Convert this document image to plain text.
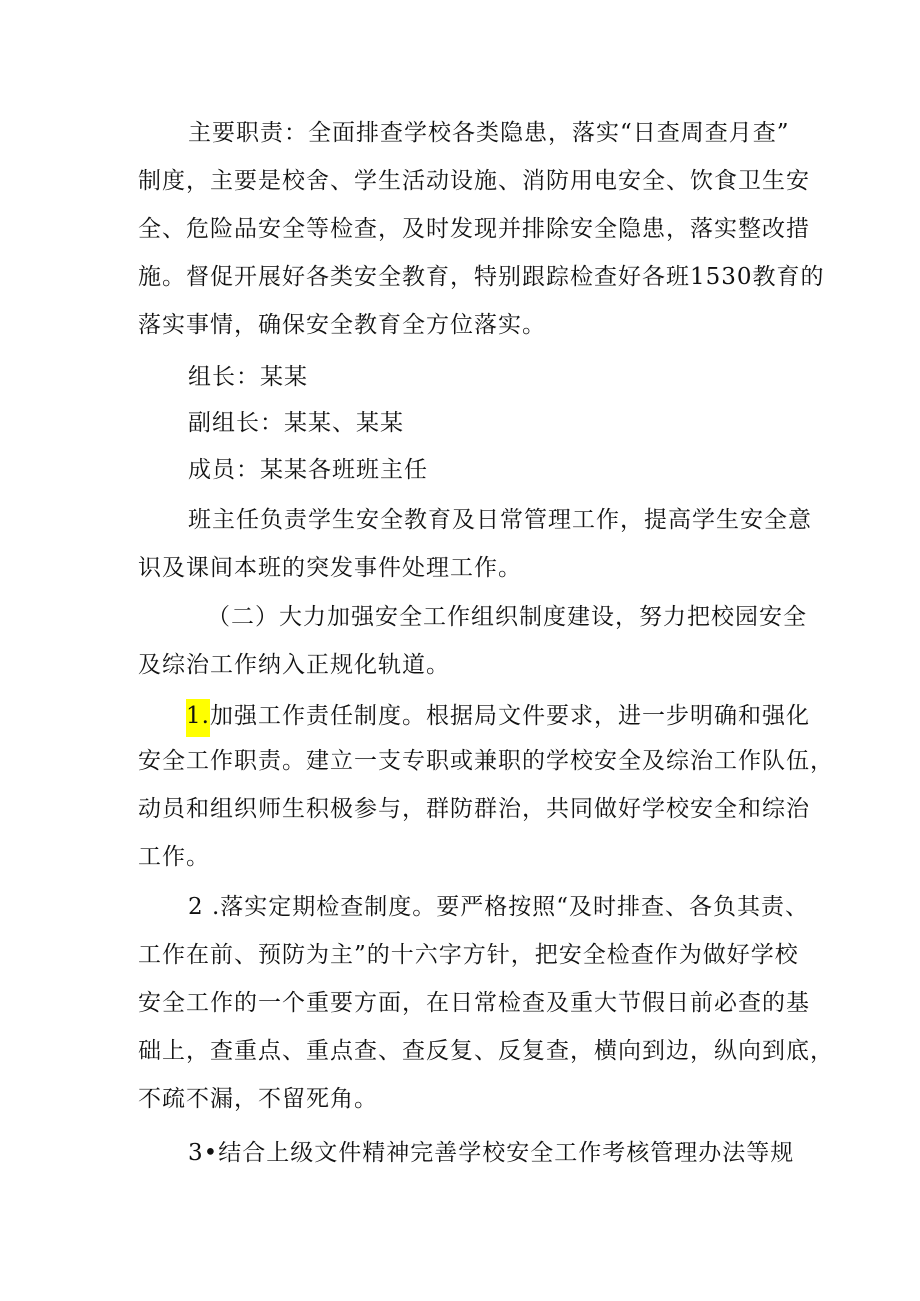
主要职责：全面排查学校各类隐患，落实“日查周查月查”
制度，主要是校舍、学生活动设施、消防用电安全、饮食卫生安
全、危险品安全等检查，及时发现并排除安全隐患，落实整改措
施。督促开展好各类安全教育，特别跟踪检查好各班1530教育的
落实事情，确保安全教育全方位落实。
组长：某某
副组长：某某、某某
成员：某某各班班主任
班主任负责学生安全教育及日常管理工作，提高学生安全意
识及课间本班的突发事件处理工作。
（二）大力加强安全工作组织制度建设，努力把校园安全
及综治工作纳入正规化轨道。
1.加强工作责任制度。根据局文件要求，进一步明确和强化
安全工作职责。建立一支专职或兼职的学校安全及综治工作队伍，
动员和组织师生积极参与，群防群治，共同做好学校安全和综治
工作。
2 .落实定期检查制度。要严格按照“及时排查、各负其责、
工作在前、预防为主”的十六字方针，把安全检查作为做好学校
安全工作的一个重要方面，在日常检查及重大节假日前必查的基
础上，查重点、重点查、查反复、反复查，横向到边，纵向到底，
不疏不漏，不留死角。
3•结合上级文件精神完善学校安全工作考核管理办法等规
